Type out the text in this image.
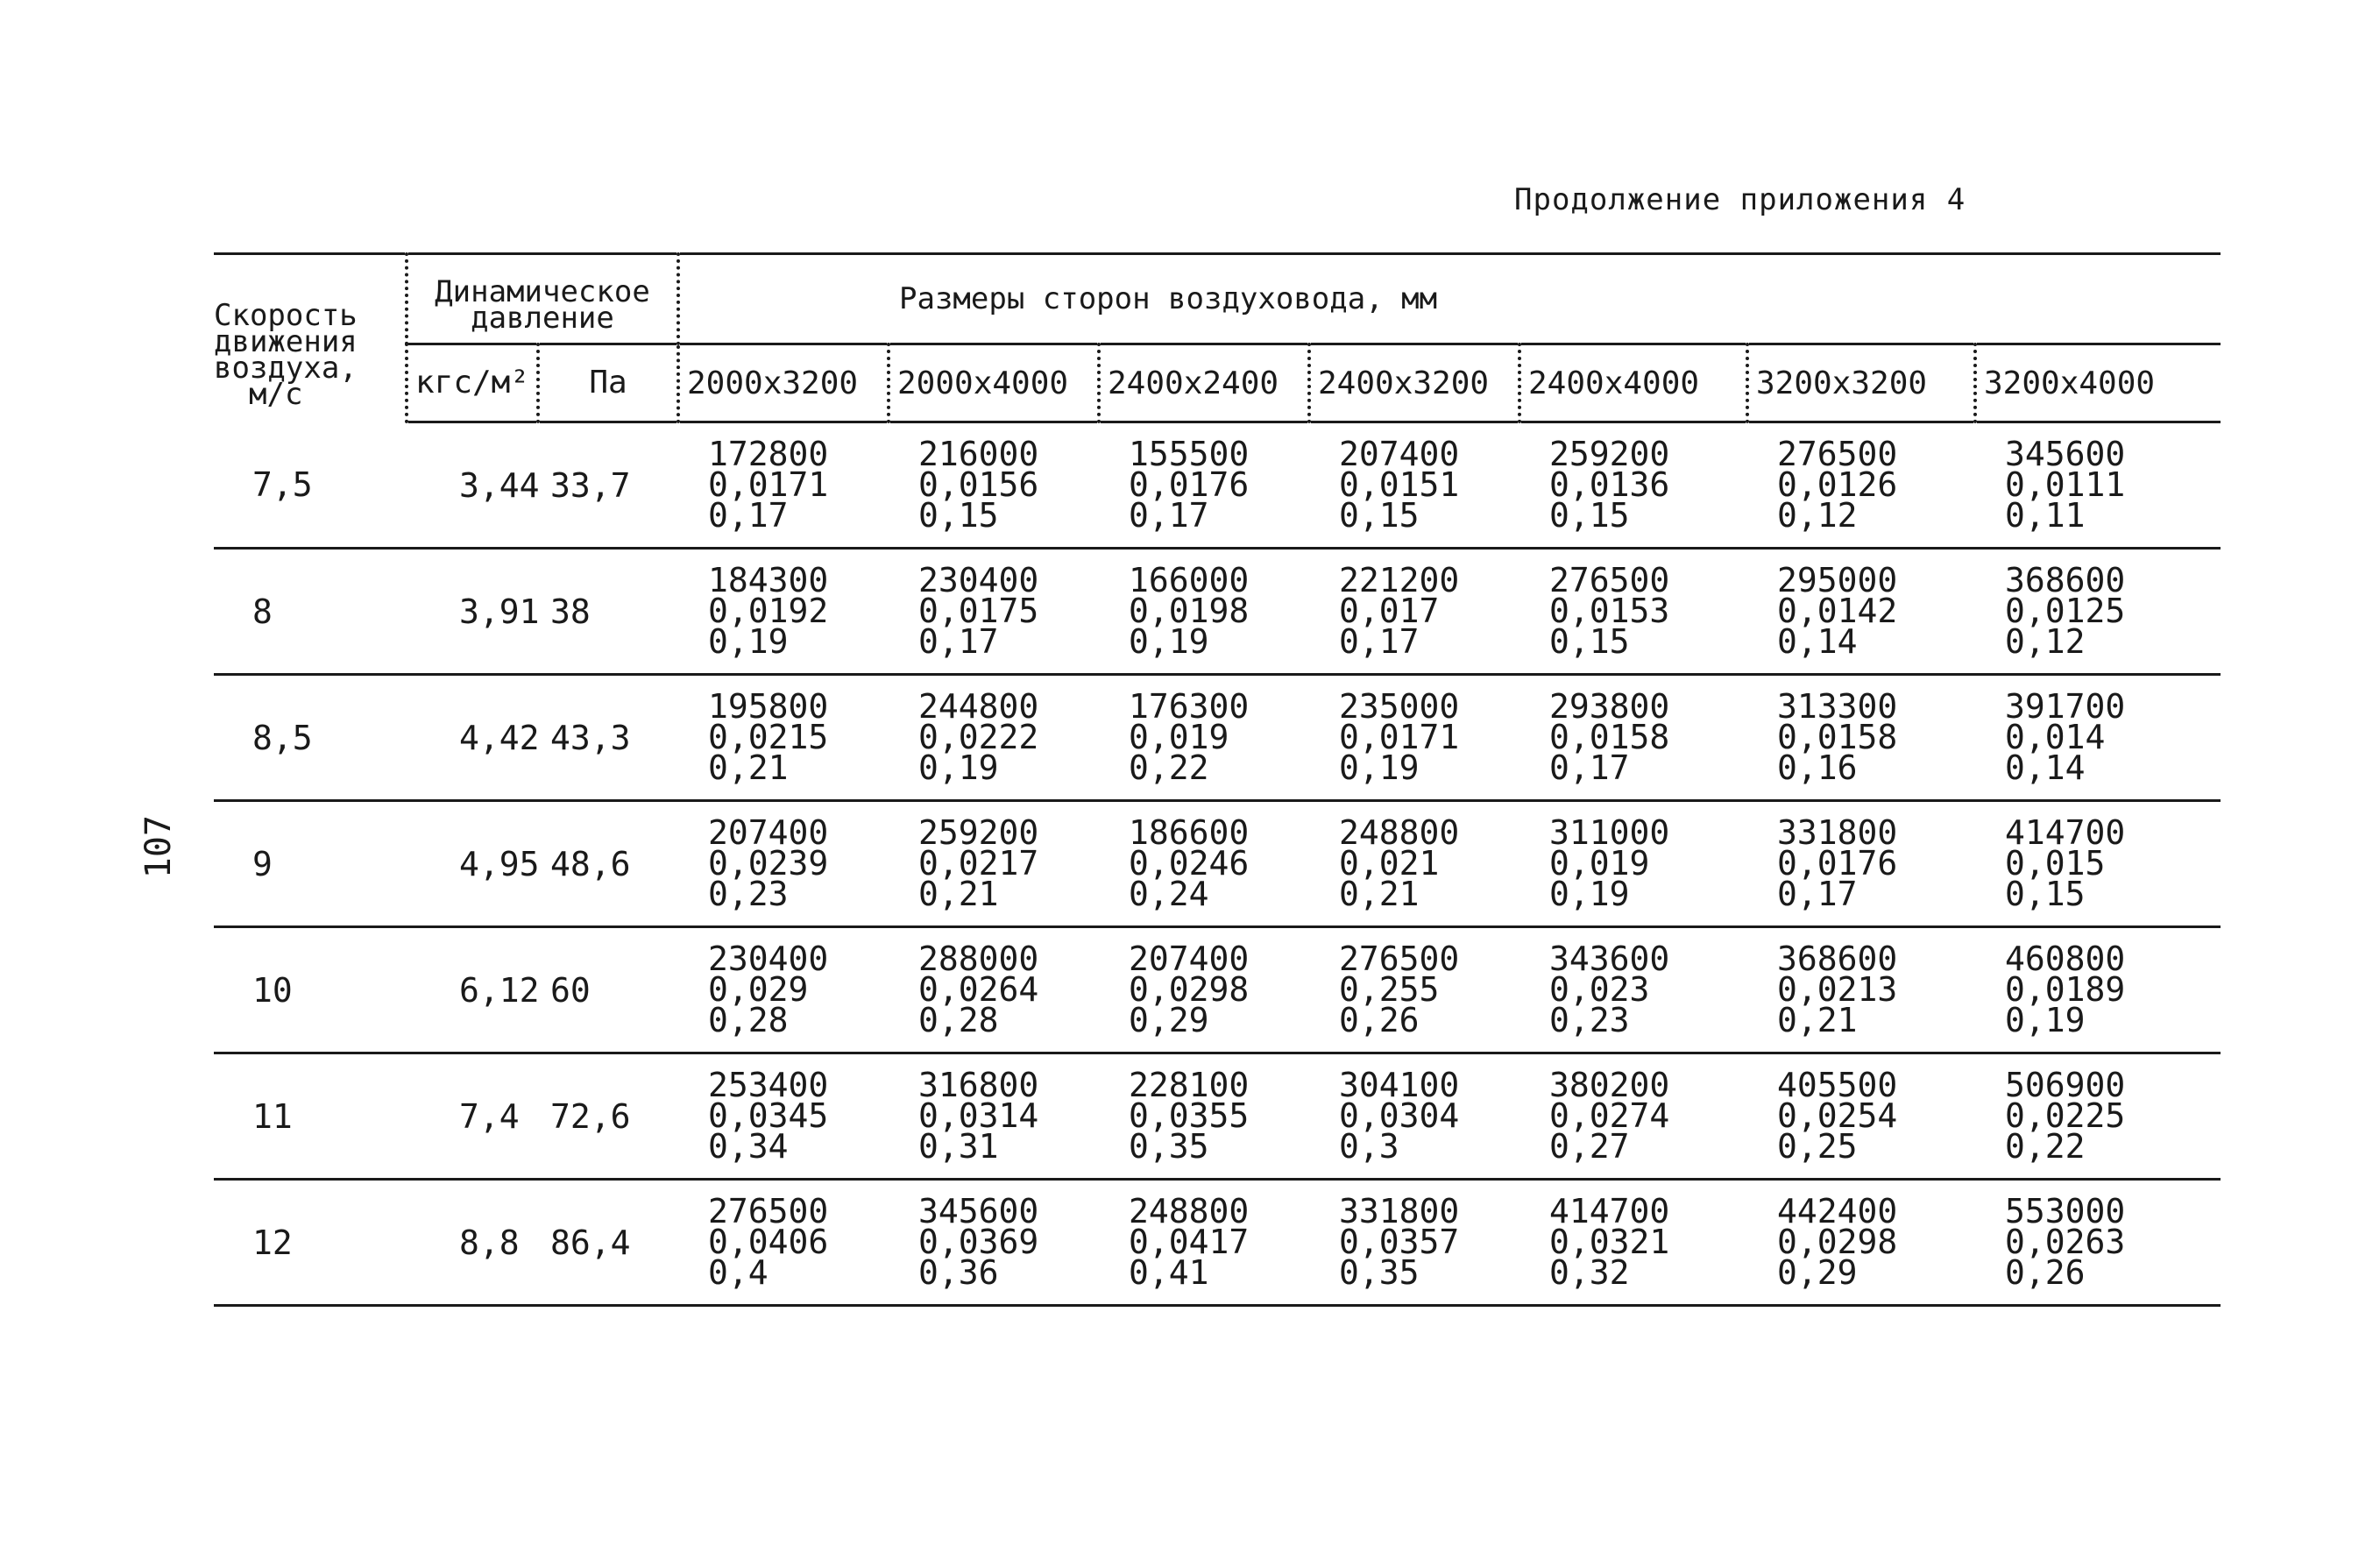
Продолжение приложения 4
107
Скорость
движения
воздуха,
м/с	Динамическое давление		Размеры сторон воздуховода, мм						
	кгс/м²	Па	2000х3200	2000х4000	2400х2400	2400х3200	2400х4000	3200х3200	3200х4000
7,5	3,44	33,7	172800
0,0171
0,17	216000
0,0156
0,15	155500
0,0176
0,17	207400
0,0151
0,15	259200
0,0136
0,15	276500
0,0126
0,12	345600
0,0111
0,11

8	3,91	38	184300
0,0192
0,19	230400
0,0175
0,17	166000
0,0198
0,19	221200
0,017
0,17	276500
0,0153
0,15	295000
0,0142
0,14	368600
0,0125
0,12

8,5	4,42	43,3	195800
0,0215
0,21	244800
0,0222
0,19	176300
0,019
0,22	235000
0,0171
0,19	293800
0,0158
0,17	313300
0,0158
0,16	391700
0,014
0,14

9	4,95	48,6	207400
0,0239
0,23	259200
0,0217
0,21	186600
0,0246
0,24	248800
0,021
0,21	311000
0,019
0,19	331800
0,0176
0,17	414700
0,015
0,15

10	6,12	60	230400
0,029
0,28	288000
0,0264
0,28	207400
0,0298
0,29	276500
0,255
0,26	343600
0,023
0,23	368600
0,0213
0,21	460800
0,0189
0,19

11	7,4	72,6	253400
0,0345
0,34	316800
0,0314
0,31	228100
0,0355
0,35	304100
0,0304
0,3	380200
0,0274
0,27	405500
0,0254
0,25	506900
0,0225
0,22

12	8,8	86,4	276500
0,0406
0,4	345600
0,0369
0,36	248800
0,0417
0,41	331800
0,0357
0,35	414700
0,0321
0,32	442400
0,0298
0,29	553000
0,0263
0,26
